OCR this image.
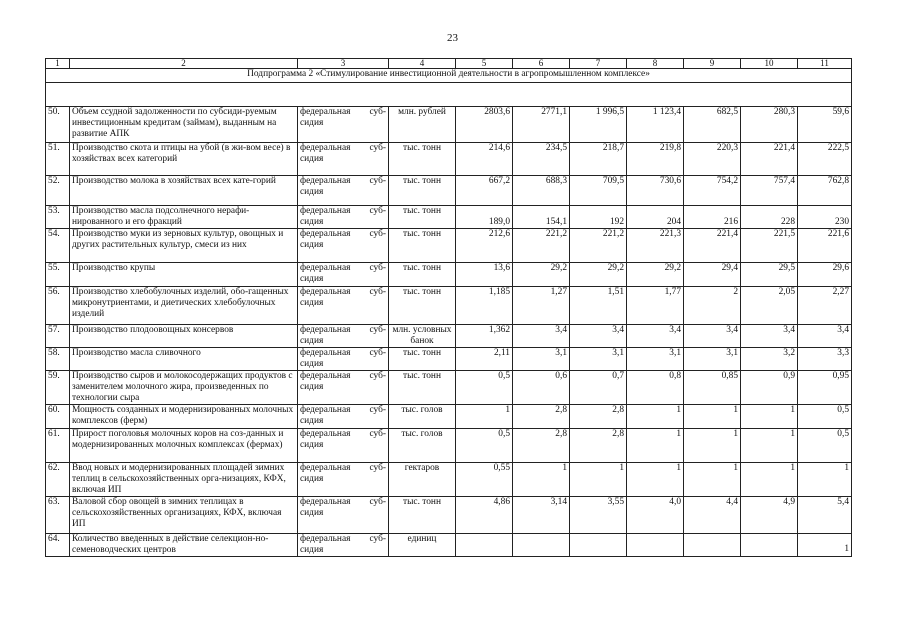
23
1	2	3	4	5	6	7	8	9	10	11
Подпрограмма 2 «Стимулирование инвестиционной деятельности в агропромышленном комплексе»										

50.	Объем ссудной задолженности по субсиди-руемым инвестиционным кредитам (займам), выданным на развитие АПК	федеральная суб-сидия	млн. рублей	2803,6	2771,1	1 996,5	1 123,4	682,5	280,3	59,6
51.	Производство скота и птицы на убой (в жи-вом весе) в хозяйствах всех категорий	федеральная суб-сидия	тыс. тонн	214,6	234,5	218,7	219,8	220,3	221,4	222,5
52.	Производство молока в хозяйствах всех кате-горий	федеральная суб-сидия	тыс. тонн	667,2	688,3	709,5	730,6	754,2	757,4	762,8
53.	Производство масла подсолнечного нерафи-нированного и его фракций	федеральная суб-сидия	тыс. тонн	189,0	154,1	192	204	216	228	230
54.	Производство муки из зерновых культур, овощных и других растительных культур, смеси из них	федеральная суб-сидия	тыс. тонн	212,6	221,2	221,2	221,3	221,4	221,5	221,6
55.	Производство крупы	федеральная суб-сидия	тыс. тонн	13,6	29,2	29,2	29,2	29,4	29,5	29,6
56.	Производство хлебобулочных изделий, обо-гащенных микронутриентами, и диетических хлебобулочных изделий	федеральная суб-сидия	тыс. тонн	1,185	1,27	1,51	1,77	2	2,05	2,27
57.	Производство плодоовощных консервов	федеральная суб-сидия	млн. условных банок	1,362	3,4	3,4	3,4	3,4	3,4	3,4
58.	Производство масла сливочного	федеральная суб-сидия	тыс. тонн	2,11	3,1	3,1	3,1	3,1	3,2	3,3
59.	Производство сыров и молокосодержащих продуктов с заменителем молочного жира, произведенных по технологии сыра	федеральная суб-сидия	тыс. тонн	0,5	0,6	0,7	0,8	0,85	0,9	0,95
60.	Мощность созданных и модернизированных молочных комплексов (ферм)	федеральная суб-сидия	тыс. голов	1	2,8	2,8	1	1	1	0,5
61.	Прирост поголовья молочных коров на соз-данных и модернизированных молочных комплексах (фермах)	федеральная суб-сидия	тыс. голов	0,5	2,8	2,8	1	1	1	0,5
62.	Ввод новых и модернизированных площадей зимних теплиц в сельскохозяйственных орга-низациях, КФХ, включая ИП	федеральная суб-сидия	гектаров	0,55	1	1	1	1	1	1
63.	Валовой сбор овощей в зимних теплицах в сельскохозяйственных организациях, КФХ, включая ИП	федеральная суб-сидия	тыс. тонн	4,86	3,14	3,55	4,0	4,4	4,9	5,4
64.	Количество введенных в действие селекцион-но-семеноводческих центров	федеральная суб-сидия	единиц							1
